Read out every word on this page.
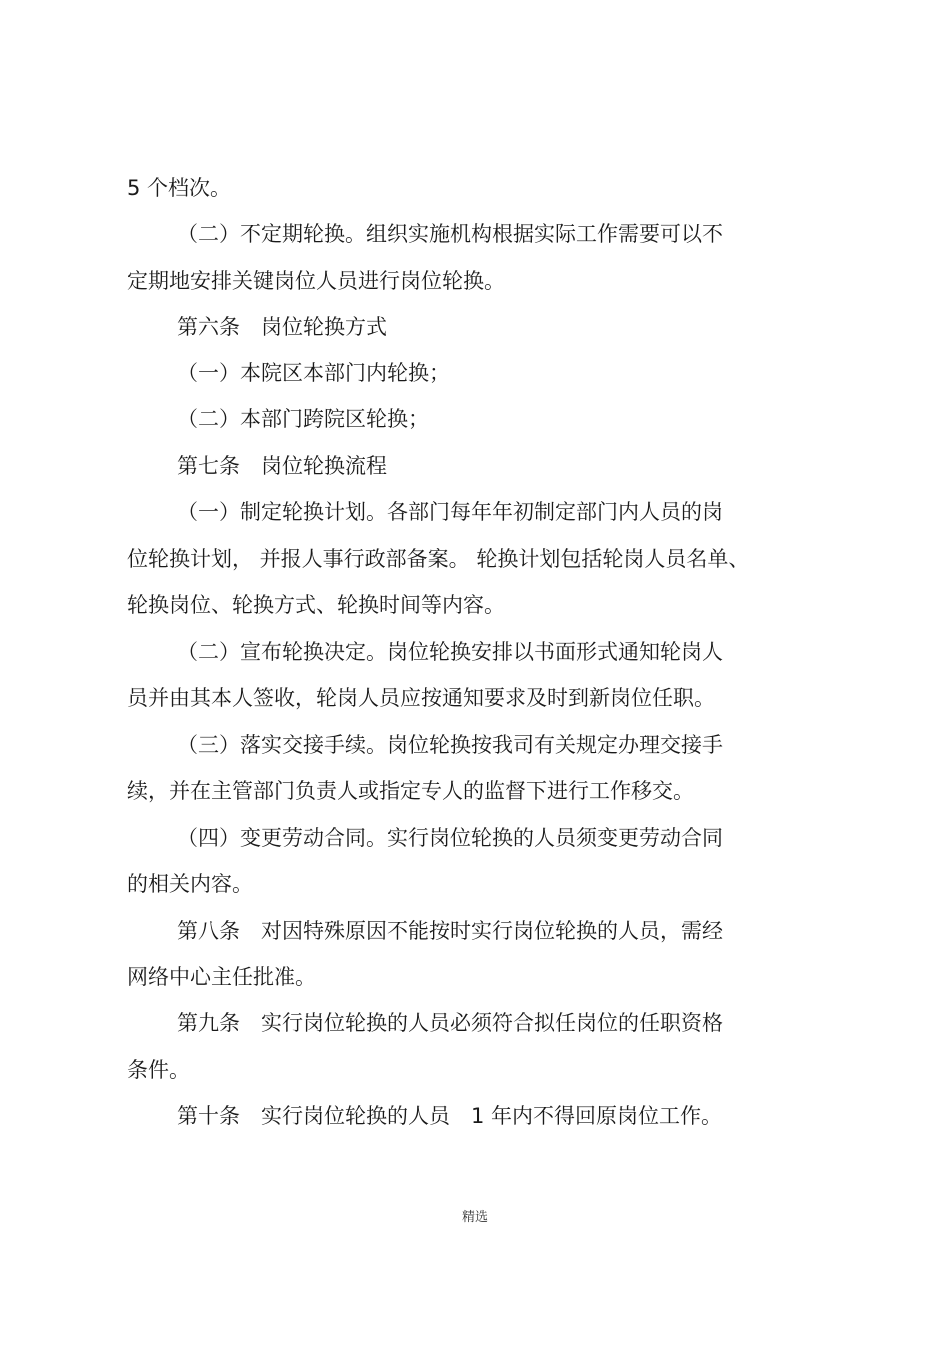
5 个档次。
（二）不定期轮换。组织实施机构根据实际工作需要可以不
定期地安排关键岗位人员进行岗位轮换。
第六条　岗位轮换方式
（一）本院区本部门内轮换；
（二）本部门跨院区轮换；
第七条　岗位轮换流程
（一）制定轮换计划。各部门每年年初制定部门内人员的岗
位轮换计划， 并报人事行政部备案。 轮换计划包括轮岗人员名单、
轮换岗位、轮换方式、轮换时间等内容。
（二）宣布轮换决定。岗位轮换安排以书面形式通知轮岗人
员并由其本人签收，轮岗人员应按通知要求及时到新岗位任职。
（三）落实交接手续。岗位轮换按我司有关规定办理交接手
续，并在主管部门负责人或指定专人的监督下进行工作移交。
（四）变更劳动合同。实行岗位轮换的人员须变更劳动合同
的相关内容。
第八条　对因特殊原因不能按时实行岗位轮换的人员，需经
网络中心主任批准。
第九条　实行岗位轮换的人员必须符合拟任岗位的任职资格
条件。
第十条　实行岗位轮换的人员　1 年内不得回原岗位工作。
精选
